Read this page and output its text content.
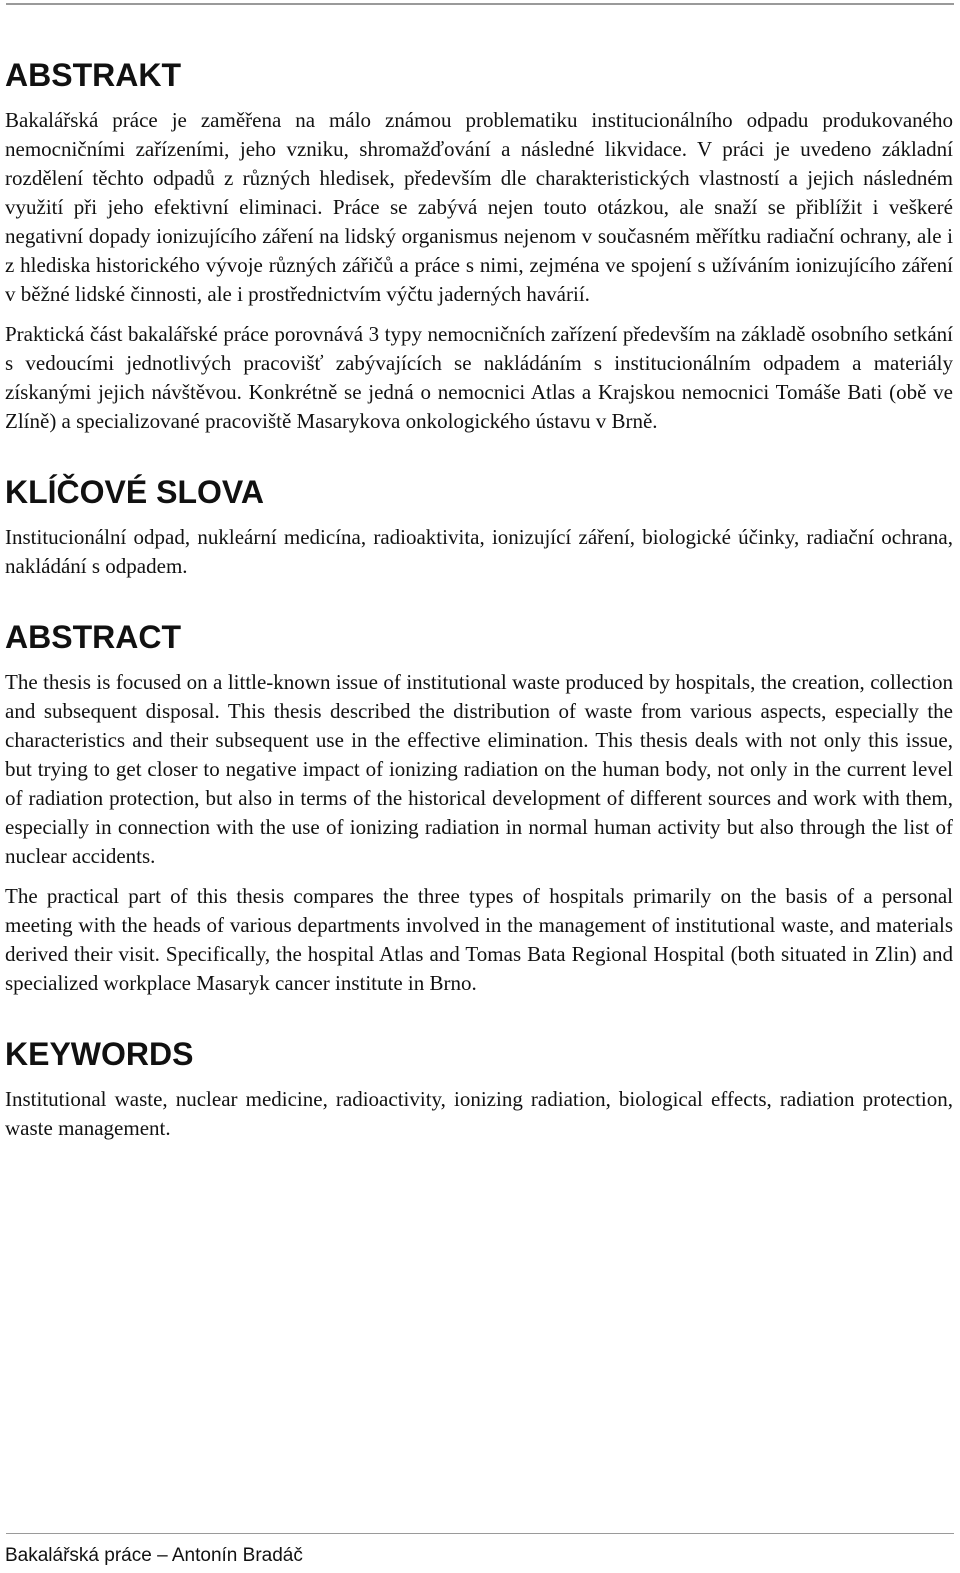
ABSTRAKT

Bakalářská práce je zaměřena na málo známou problematiku institucionálního odpadu produkovaného nemocničními zařízeními, jeho vzniku, shromažďování a následné likvidace. V práci je uvedeno základní rozdělení těchto odpadů z různých hledisek, především dle charakteristických vlastností a jejich následném využití při jeho efektivní eliminaci. Práce se zabývá nejen touto otázkou, ale snaží se přiblížit i veškeré negativní dopady ionizujícího záření na lidský organismus nejenom v současném měřítku radiační ochrany, ale i z hlediska historického vývoje různých zářičů a práce s nimi, zejména ve spojení s užíváním ionizujícího záření v běžné lidské činnosti, ale i prostřednictvím výčtu jaderných havárií.

Praktická část bakalářské práce porovnává 3 typy nemocničních zařízení především na základě osobního setkání s vedoucími jednotlivých pracovišť zabývajících se nakládáním s institucionálním odpadem a materiály získanými jejich návštěvou. Konkrétně se jedná o nemocnici Atlas a Krajskou nemocnici Tomáše Bati (obě ve Zlíně) a specializované pracoviště Masarykova onkologického ústavu v Brně.

KLÍČOVÉ SLOVA

Institucionální odpad, nukleární medicína, radioaktivita, ionizující záření, biologické účinky, radiační ochrana, nakládání s odpadem.

ABSTRACT

The thesis is focused on a little-known issue of institutional waste produced by hospitals, the creation, collection and subsequent disposal. This thesis described the distribution of waste from various aspects, especially the characteristics and their subsequent use in the effective elimination. This thesis deals with not only this issue, but trying to get closer to negative impact of ionizing radiation on the human body, not only in the current level of radiation protection, but also in terms of the historical development of different sources and work with them, especially in connection with the use of ionizing radiation in normal human activity but also through the list of nuclear accidents.

The practical part of this thesis compares the three types of hospitals primarily on the basis of a personal meeting with the heads of various departments involved in the management of institutional waste, and materials derived their visit. Specifically, the hospital Atlas and Tomas Bata Regional Hospital (both situated in Zlin) and specialized workplace Masaryk cancer institute in Brno.

KEYWORDS

Institutional waste, nuclear medicine, radioactivity, ionizing radiation, biological effects, radiation protection, waste management.

Bakalářská práce – Antonín Bradáč
